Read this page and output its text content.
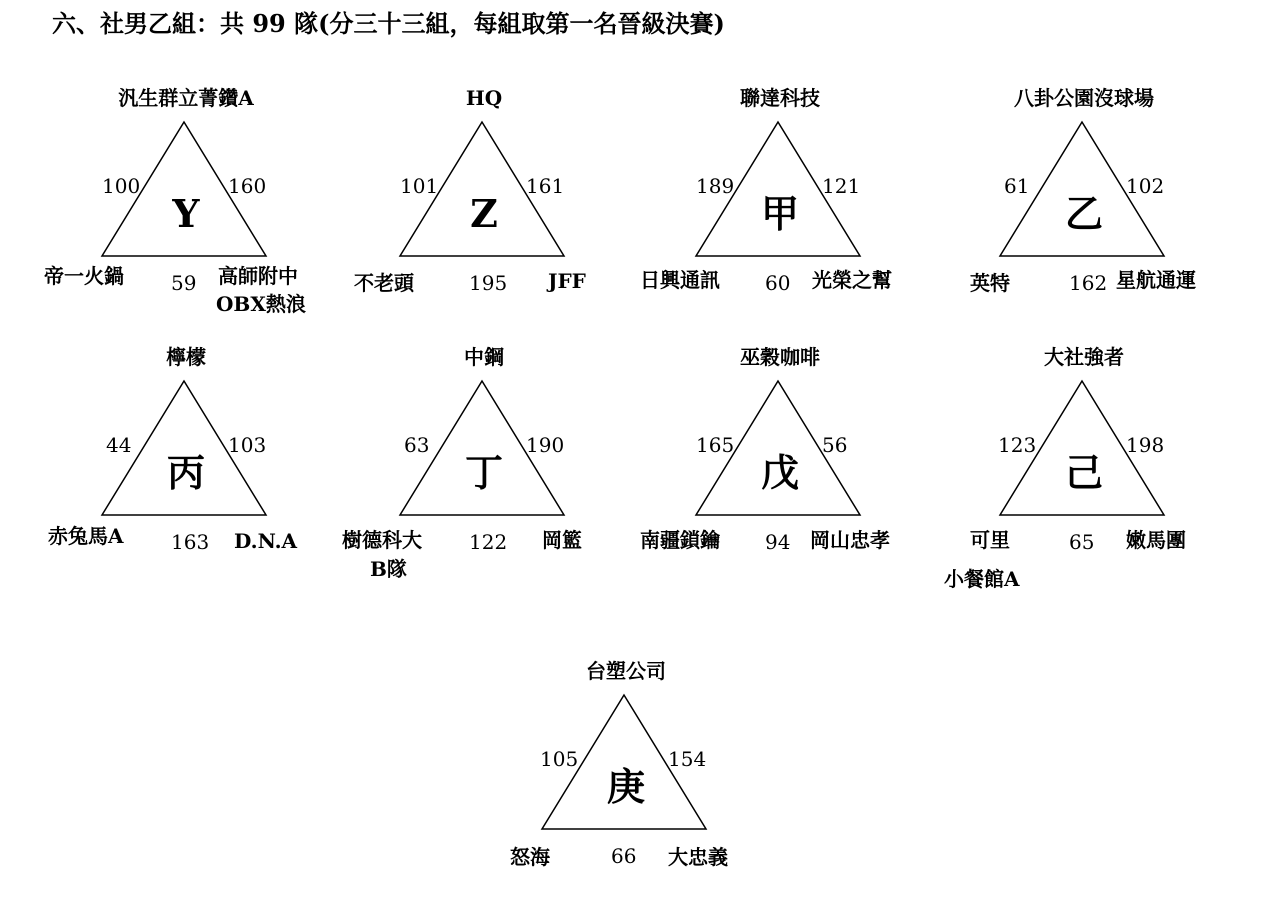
六、社男乙組：共 99 隊(分三十三組，每組取第一名晉級決賽)
汎生群立菁鑽A
100	160
Y
帝一火鍋 59 高師附中
OBX熱浪
HQ
101	161
Z
不老頭	195 JFF
聯達科技
189	121
甲
日興通訊 60 光榮之幫
八卦公園沒球場
61	102
乙
英特	162 星航通運
檸檬
44	103
丙
赤兔馬A 163 D.N.A
中鋼
63	190
丁
樹德科大 122 岡籃
B隊
巫穀咖啡
165	56
戊
南疆鎖鑰 94 岡山忠孝
大社強者
123	198
己
可里	65 嫩馬團
小餐館A
台塑公司
105	154
庚
怒海	66 大忠義
